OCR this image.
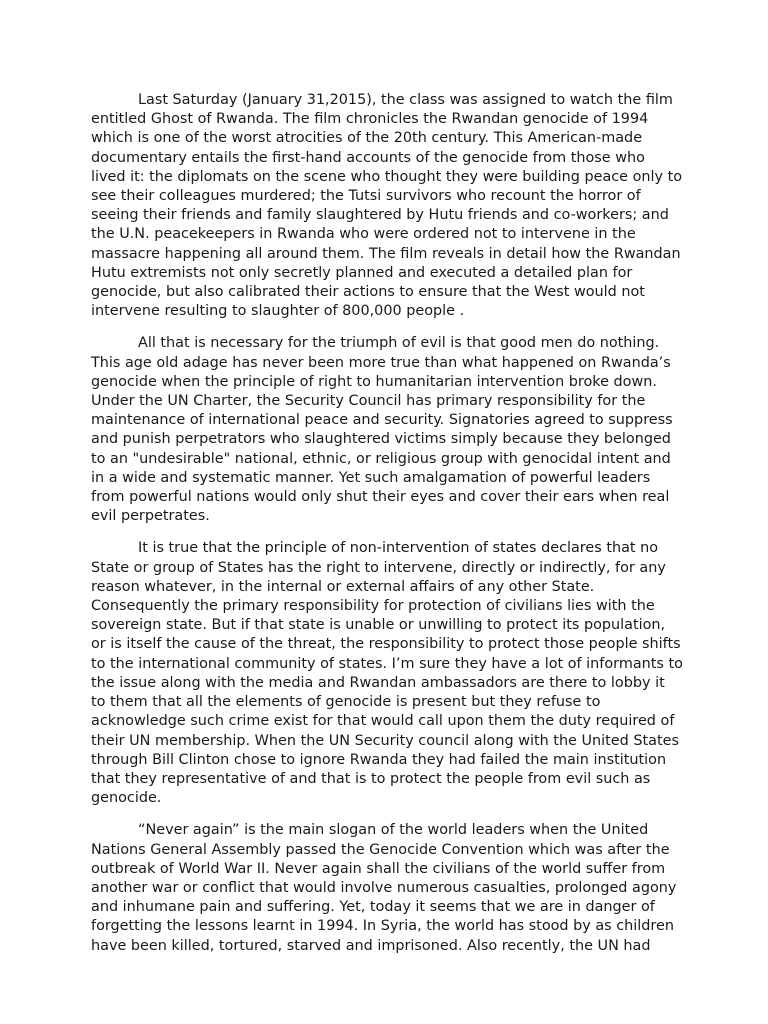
Last Saturday (January 31,2015), the class was assigned to watch the film entitled Ghost of Rwanda. The film chronicles the Rwandan genocide of 1994 which is one of the worst atrocities of the 20th century. This American-made documentary entails the first-hand accounts of the genocide from those who lived it: the diplomats on the scene who thought they were building peace only to see their colleagues murdered; the Tutsi survivors who recount the horror of seeing their friends and family slaughtered by Hutu friends and co-workers; and the U.N. peacekeepers in Rwanda who were ordered not to intervene in the massacre happening all around them. The film reveals in detail how the Rwandan Hutu extremists not only secretly planned and executed a detailed plan for genocide, but also calibrated their actions to ensure that the West would not intervene resulting to slaughter of 800,000 people .

All that is necessary for the triumph of evil is that good men do nothing. This age old adage has never been more true than what happened on Rwanda’s genocide when the principle of right to humanitarian intervention broke down. Under the UN Charter, the Security Council has primary responsibility for the maintenance of international peace and security. Signatories agreed to suppress and punish perpetrators who slaughtered victims simply because they belonged to an "undesirable" national, ethnic, or religious group with genocidal intent and in a wide and systematic manner. Yet such amalgamation of powerful leaders from powerful nations would only shut their eyes and cover their ears when real evil perpetrates.

It is true that the principle of non-intervention of states declares that no State or group of States has the right to intervene, directly or indirectly, for any reason whatever, in the internal or external affairs of any other State. Consequently the primary responsibility for protection of civilians lies with the sovereign state. But if that state is unable or unwilling to protect its population, or is itself the cause of the threat, the responsibility to protect those people shifts to the international community of states. I’m sure they have a lot of informants to the issue along with the media and Rwandan ambassadors are there to lobby it to them that all the elements of genocide is present but they refuse to acknowledge such crime exist for that would call upon them the duty required of their UN membership. When the UN Security council along with the United States through Bill Clinton chose to ignore Rwanda they had failed the main institution that they representative of and that is to protect the people from evil such as genocide.

“Never again” is the main slogan of the world leaders when the United Nations General Assembly passed the Genocide Convention which was after the outbreak of World War II. Never again shall the civilians of the world suffer from another war or conflict that would involve numerous casualties, prolonged agony and inhumane pain and suffering. Yet, today it seems that we are in danger of forgetting the lessons learnt in 1994. In Syria, the world has stood by as children have been killed, tortured, starved and imprisoned. Also recently, the UN had
